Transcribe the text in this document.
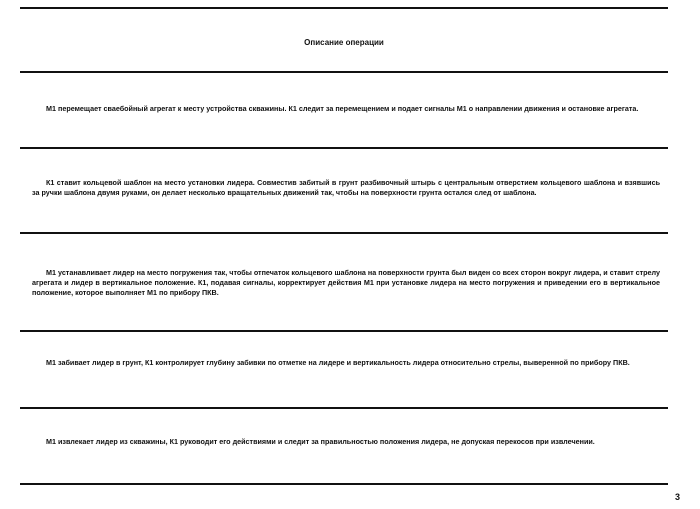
Описание операции
М1 перемещает сваебойный агрегат к месту устройства скважины. К1 следит за перемещением и подает сигналы М1 о направлении движения и остановке агрегата.
К1 ставит кольцевой шаблон на место установки лидера. Совместив забитый в грунт разбивочный штырь с центральным отверстием кольцевого шаблона и взявшись за ручки шаблона двумя руками, он делает несколько вращательных движений так, чтобы на поверхности грунта остался след от шаблона.
М1 устанавливает лидер на место погружения так, чтобы отпечаток кольцевого шаблона на поверхности грунта был виден со всех сторон вокруг лидера, и ставит стрелу агрегата и лидер в вертикальное положение. К1, подавая сигналы, корректирует действия М1 при установке лидера на место погружения и приведении его в вертикальное положение, которое выполняет М1 по прибору ПКВ.
М1 забивает лидер в грунт, К1 контролирует глубину забивки по отметке на лидере и вертикальность лидера относительно стрелы, выверенной по прибору ПКВ.
М1 извлекает лидер из скважины, К1 руководит его действиями и следит за правильностью положения лидера, не допуская перекосов при извлечении.
3
